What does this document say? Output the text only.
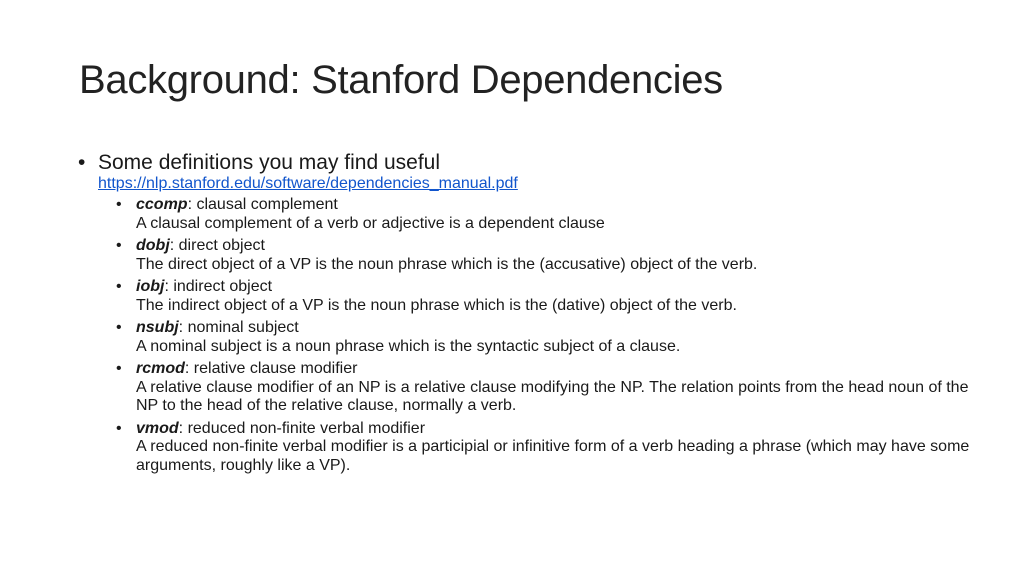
Background: Stanford Dependencies
• Some definitions you may find useful
https://nlp.stanford.edu/software/dependencies_manual.pdf
• ccomp: clausal complement
A clausal complement of a verb or adjective is a dependent clause
• dobj: direct object
The direct object of a VP is the noun phrase which is the (accusative) object of the verb.
• iobj: indirect object
The indirect object of a VP is the noun phrase which is the (dative) object of the verb.
• nsubj: nominal subject
A nominal subject is a noun phrase which is the syntactic subject of a clause.
• rcmod: relative clause modifier
A relative clause modifier of an NP is a relative clause modifying the NP. The relation points from the head noun of the NP to the head of the relative clause, normally a verb.
• vmod: reduced non-finite verbal modifier
A reduced non-finite verbal modifier is a participial or infinitive form of a verb heading a phrase (which may have some arguments, roughly like a VP).
